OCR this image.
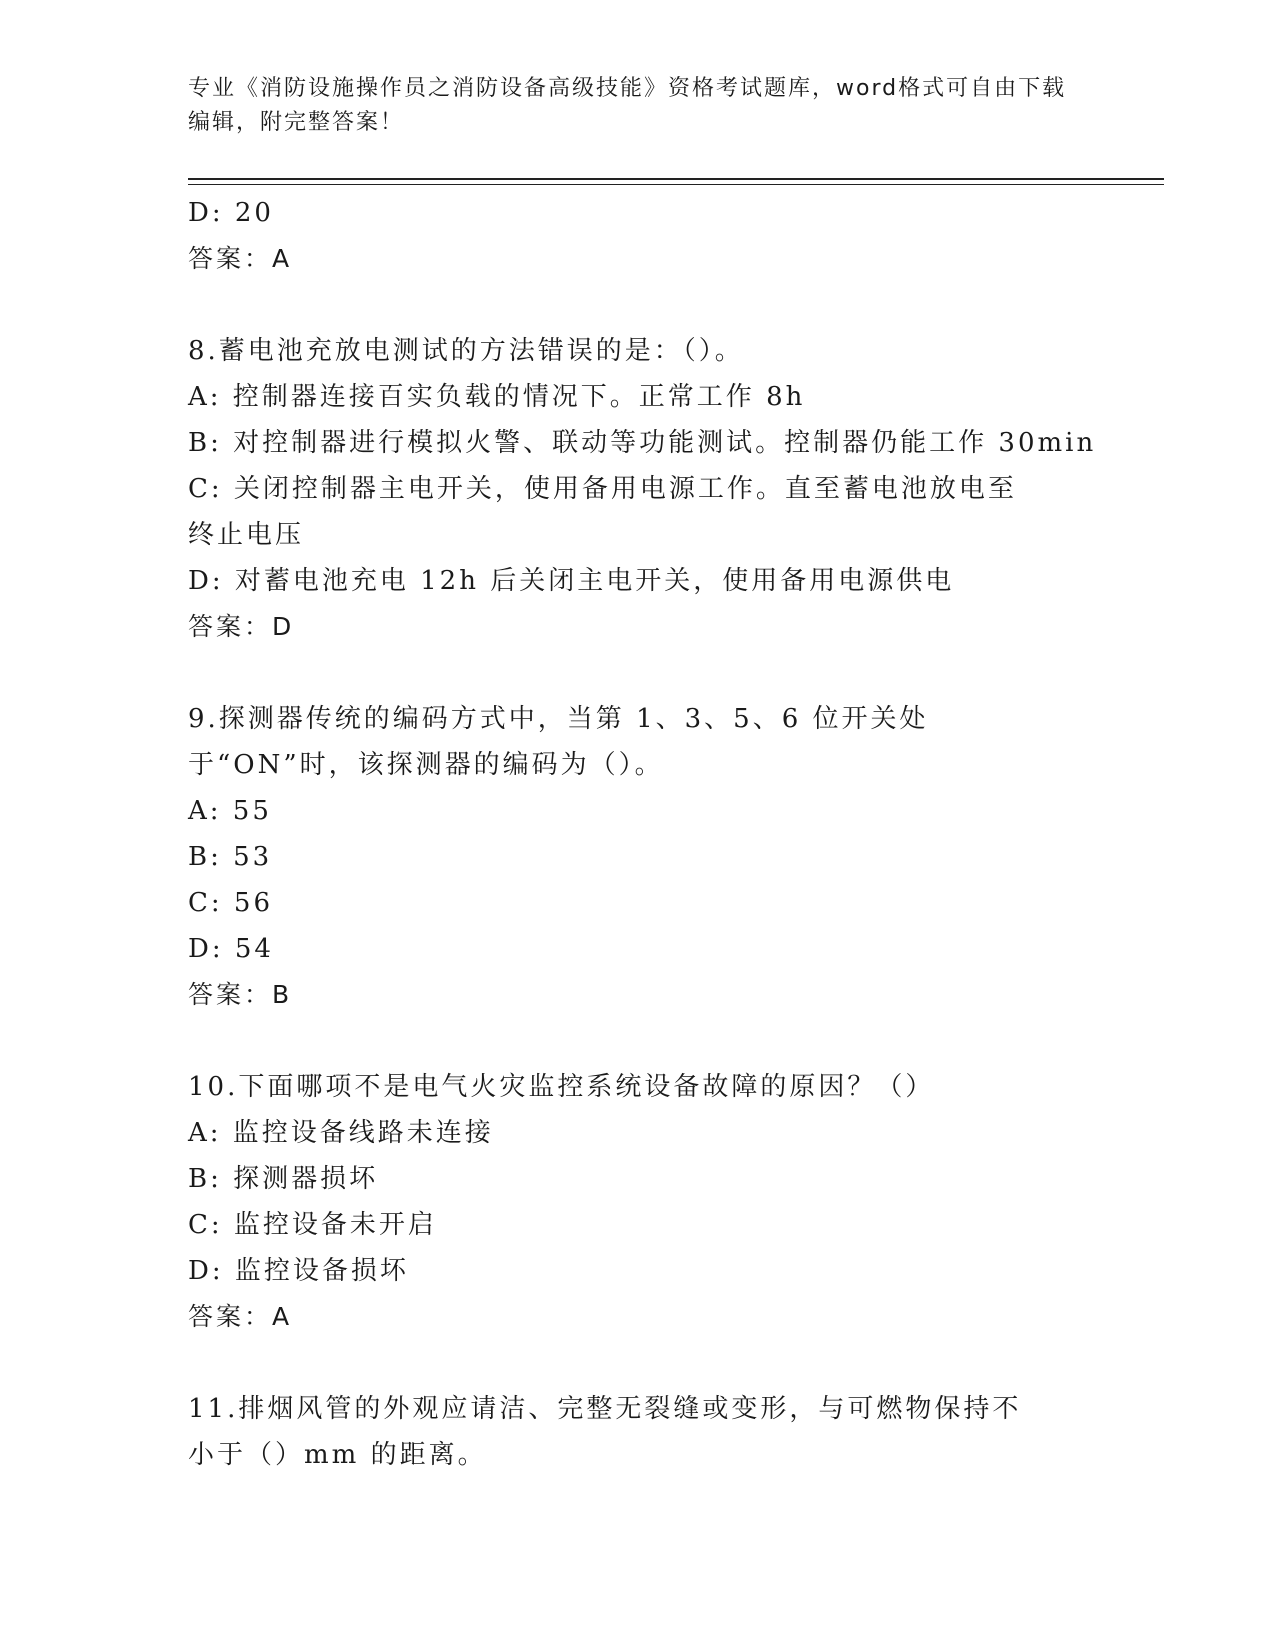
专业《消防设施操作员之消防设备高级技能》资格考试题库，word格式可自由下载编辑，附完整答案！
D: 20
答案：A
8.蓄电池充放电测试的方法错误的是：（）。
A: 控制器连接百实负载的情况下。正常工作 8h
B: 对控制器进行模拟火警、联动等功能测试。控制器仍能工作 30min
C: 关闭控制器主电开关，使用备用电源工作。直至蓄电池放电至终止电压
D: 对蓄电池充电 12h 后关闭主电开关，使用备用电源供电
答案：D
9.探测器传统的编码方式中，当第 1、3、5、6 位开关处于“ON”时，该探测器的编码为（）。
A: 55
B: 53
C: 56
D: 54
答案：B
10.下面哪项不是电气火灾监控系统设备故障的原因？（）
A: 监控设备线路未连接
B: 探测器损坏
C: 监控设备未开启
D: 监控设备损坏
答案：A
11.排烟风管的外观应请洁、完整无裂缝或变形，与可燃物保持不小于（）mm 的距离。
